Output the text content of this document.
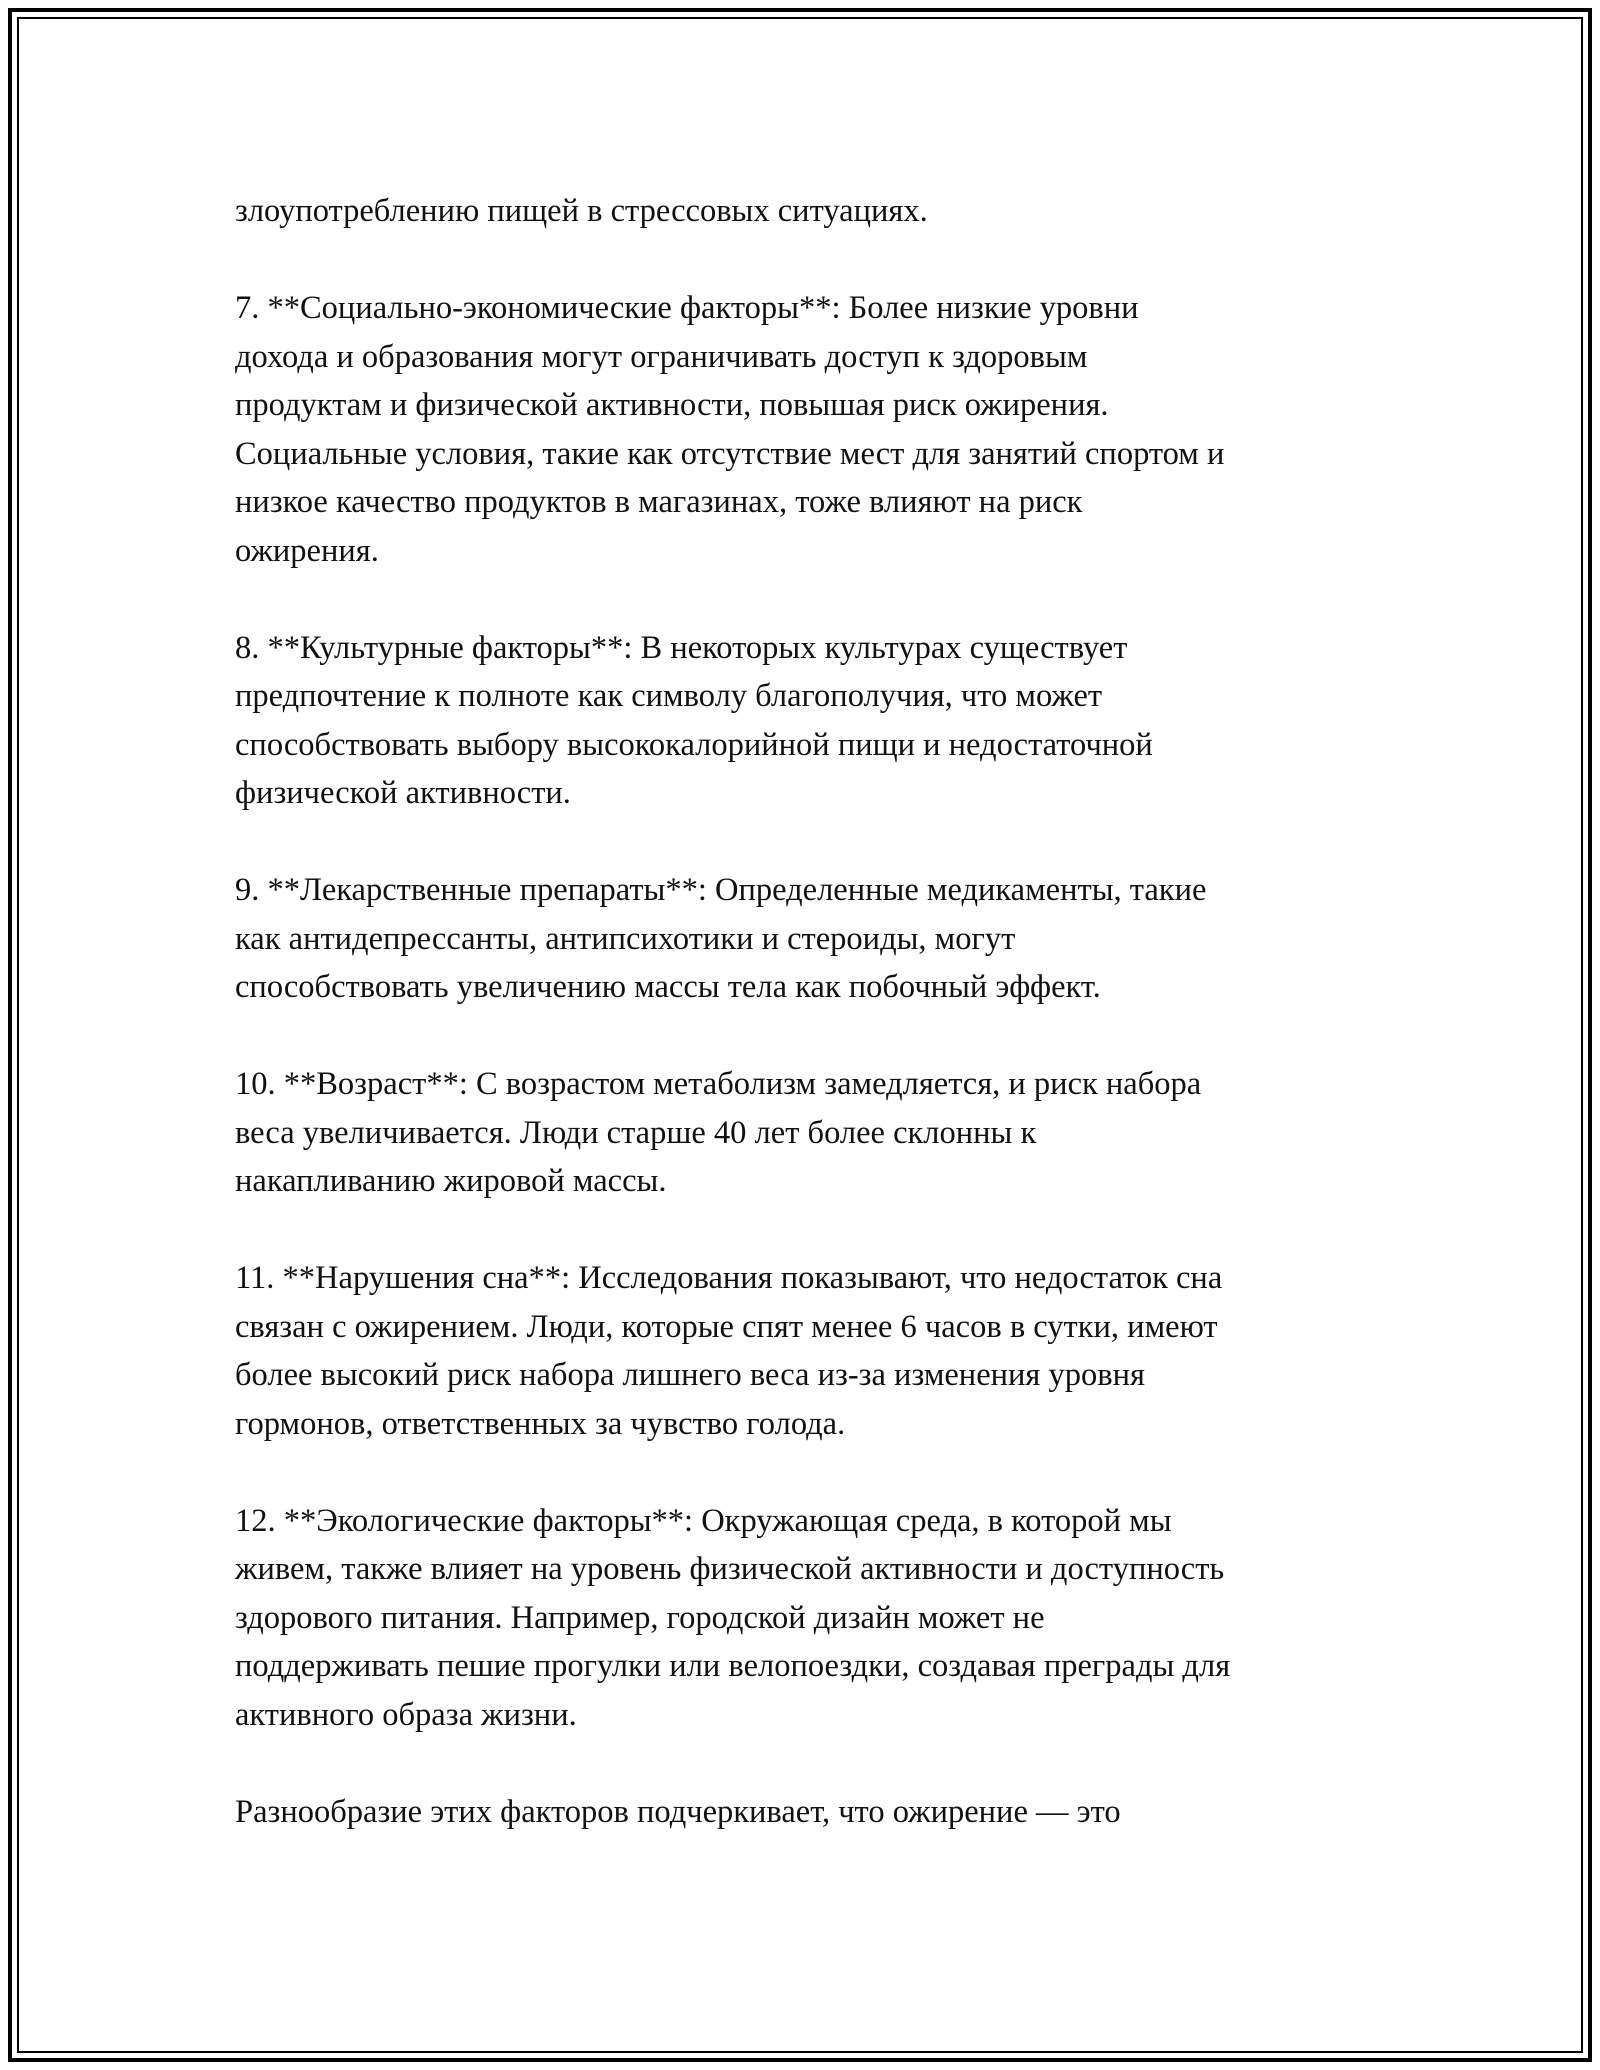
злоупотреблению пищей в стрессовых ситуациях.

7. **Социально-экономические факторы**: Более низкие уровни
дохода и образования могут ограничивать доступ к здоровым
продуктам и физической активности, повышая риск ожирения.
Социальные условия, такие как отсутствие мест для занятий спортом и
низкое качество продуктов в магазинах, тоже влияют на риск
ожирения.

8. **Культурные факторы**: В некоторых культурах существует
предпочтение к полноте как символу благополучия, что может
способствовать выбору высококалорийной пищи и недостаточной
физической активности.

9. **Лекарственные препараты**: Определенные медикаменты, такие
как антидепрессанты, антипсихотики и стероиды, могут
способствовать увеличению массы тела как побочный эффект.

10. **Возраст**: С возрастом метаболизм замедляется, и риск набора
веса увеличивается. Люди старше 40 лет более склонны к
накапливанию жировой массы.

11. **Нарушения сна**: Исследования показывают, что недостаток сна
связан с ожирением. Люди, которые спят менее 6 часов в сутки, имеют
более высокий риск набора лишнего веса из-за изменения уровня
гормонов, ответственных за чувство голода.

12. **Экологические факторы**: Окружающая среда, в которой мы
живем, также влияет на уровень физической активности и доступность
здорового питания. Например, городской дизайн может не
поддерживать пешие прогулки или велопоездки, создавая преграды для
активного образа жизни.

Разнообразие этих факторов подчеркивает, что ожирение — это
